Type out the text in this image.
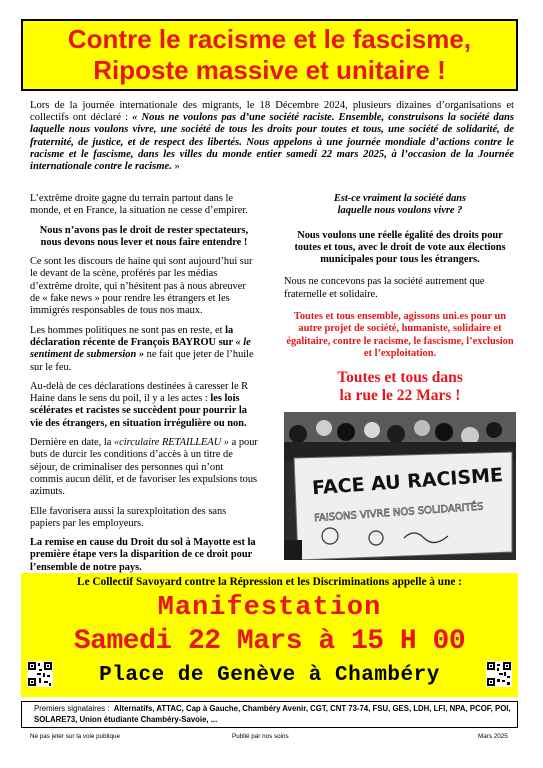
Contre le racisme et le fascisme,
Riposte massive et unitaire !
Lors de la journée internationale des migrants, le 18 Décembre 2024, plusieurs dizaines d’organisations et collectifs ont déclaré : « Nous ne voulons pas d’une société raciste. Ensemble, construisons la société dans laquelle nous voulons vivre, une société de tous les droits pour toutes et tous, une société de solidarité, de fraternité, de justice, et de respect des libertés. Nous appelons à une journée mondiale d’actions contre le racisme et le fascisme, dans les villes du monde entier samedi 22 mars 2025, à l’occasion de la Journée internationale contre le racisme. »

L’extrême droite gagne du terrain partout dans le monde, et en France, la situation ne cesse d’empirer.

Nous n’avons pas le droit de rester spectateurs, nous devons nous lever et nous faire entendre !

Ce sont les discours de haine qui sont aujourd’hui sur le devant de la scène, proférés par les médias d’extrême droite, qui n’hésitent pas à nous abreuver de « fake news » pour rendre les étrangers et les immigrés responsables de tous nos maux.

Les hommes politiques ne sont pas en reste, et la déclaration récente de François BAYROU sur « le sentiment de submersion » ne fait que jeter de l’huile sur le feu.

Au-delà de ces déclarations destinées à caresser le R Haine dans le sens du poil, il y a les actes : les lois scélérates et racistes se succèdent pour pourrir la vie des étrangers, en situation irrégulière ou non.

Dernière en date, la «circulaire RETAILLEAU » a pour buts de durcir les conditions d’accès à un titre de séjour, de criminaliser des personnes qui n’ont commis aucun délit, et de favoriser les expulsions tous azimuts.

Elle favorisera aussi la surexploitation des sans papiers par les employeurs.

La remise en cause du Droit du sol à Mayotte est la première étape vers la disparition de ce droit pour l’ensemble de notre pays.

Est-ce vraiment la société dans
laquelle nous voulons vivre ?

Nous voulons une réelle égalité des droits pour toutes et tous, avec le droit de vote aux élections municipales pour tous les étrangers.

Nous ne concevons pas la société autrement que fraternelle et solidaire.

Toutes et tous ensemble, agissons uni.es pour un autre projet de société, humaniste, solidaire et égalitaire, contre le racisme, le fascisme, l’exclusion et l’exploitation.

Toutes et tous dans
la rue le 22 Mars !

FACE AU RACISME
FAISONS VIVRE NOS SOLIDARITÉS
Le Collectif Savoyard contre la Répression et les Discriminations appelle à une :
Manifestation
Samedi 22 Mars à 15 H 00
Place de Genève à Chambéry
Premiers signataires : Alternatifs, ATTAC, Cap à Gauche, Chambéry Avenir, CGT, CNT 73-74, FSU, GES, LDH, LFI, NPA, PCOF, POI, SOLARE73, Union étudiante Chambéry-Savoie, ...
Ne pas jeter sur la voie publique	Publié par nos soins	Mars 2025
